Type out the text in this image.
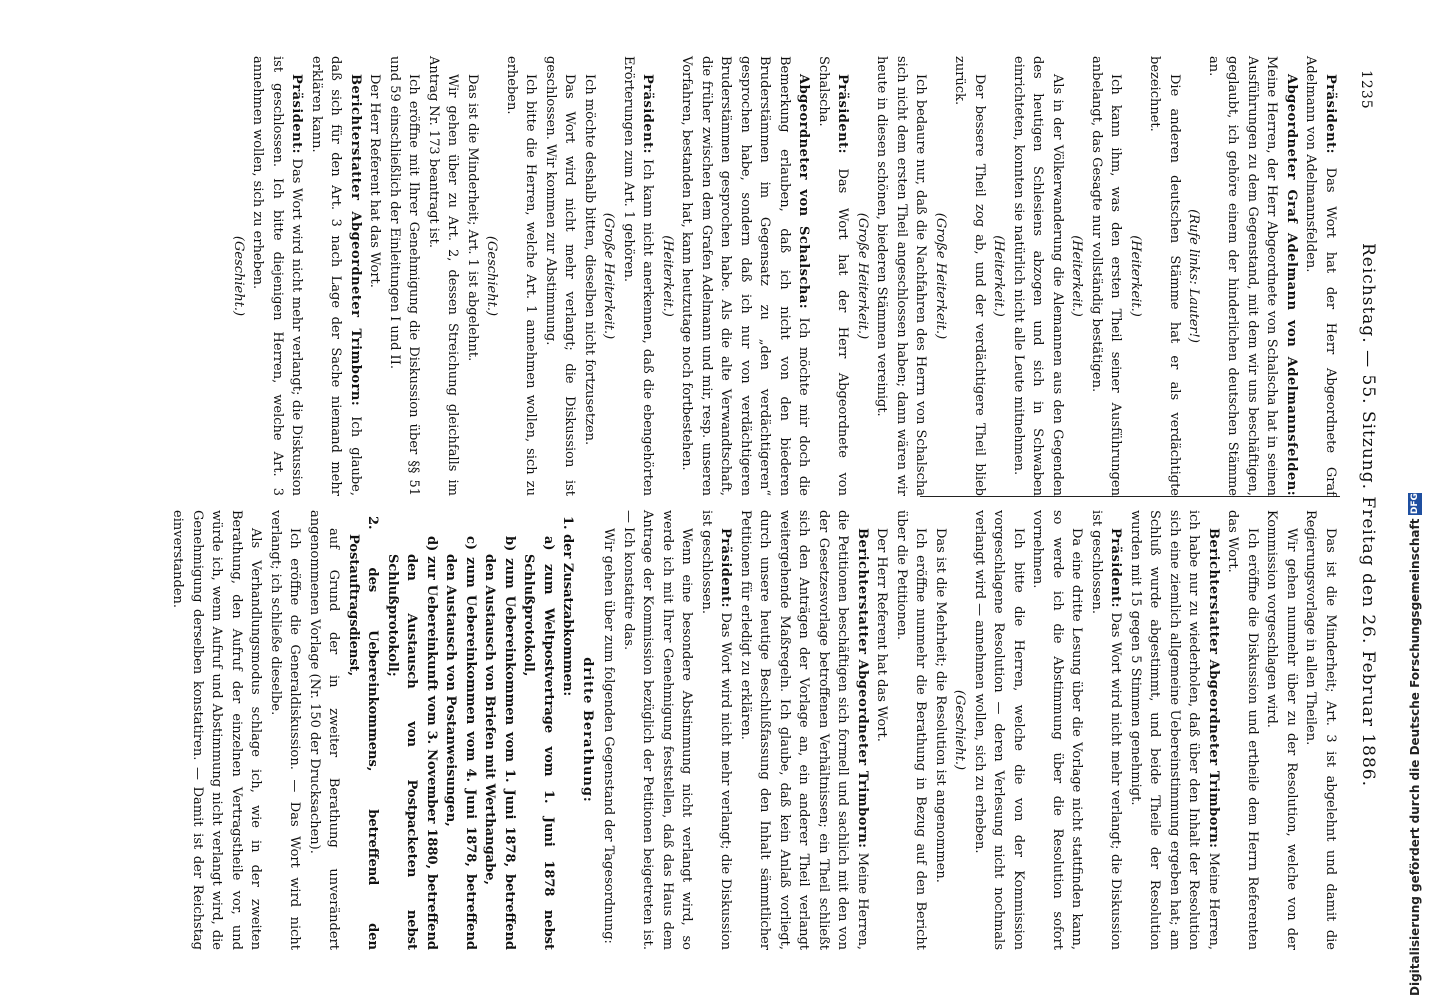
1235
Reichstag. — 55. Sitzung. Freitag den 26. Februar 1886.

Das ist die Minderheit; Art. 3 ist abgelehnt und damit die Regierungsvorlage in allen Theilen.

Wir gehen nunmehr über zu der Resolution, welche von der Kommission vorgeschlagen wird.

Ich eröffne die Diskussion und ertheile dem Herrn Referenten das Wort.

Berichterstatter Abgeordneter Trimborn: Meine Herren, ich habe nur zu wiederholen, daß über den Inhalt der Resolution sich eine ziemlich allgemeine Uebereinstimmung ergeben hat; am Schluß wurde abgestimmt, und beide Theile der Resolution wurden mit 15 gegen 5 Stimmen genehmigt.

Präsident: Das Wort wird nicht mehr verlangt; die Diskussion ist geschlossen.

Da eine dritte Lesung über die Vorlage nicht stattfinden kann, so werde ich die Abstimmung über die Resolution sofort vornehmen.

Ich bitte die Herren, welche die von der Kommission vorgeschlagene Resolution — deren Verlesung nicht nochmals verlangt wird — annehmen wollen, sich zu erheben.

(Geschieht.)

Das ist die Mehrheit; die Resolution ist angenommen.

Ich eröffne nunmehr die Berathung in Bezug auf den Bericht über die Petitionen.

Der Herr Referent hat das Wort.

Berichterstatter Abgeordneter Trimborn: Meine Herren, die Petitionen beschäftigen sich formell und sachlich mit den von der Gesetzesvorlage betroffenen Verhältnissen; ein Theil schließt sich den Anträgen der Vorlage an, ein anderer Theil verlangt weitergehende Maßregeln. Ich glaube, daß kein Anlaß vorliegt, durch unsere heutige Beschlußfassung den Inhalt sämmtlicher Petitionen für erledigt zu erklären.

Präsident: Das Wort wird nicht mehr verlangt; die Diskussion ist geschlossen.

Wenn eine besondere Abstimmung nicht verlangt wird, so werde ich mit Ihrer Genehmigung feststellen, daß das Haus dem Antrage der Kommission bezüglich der Petitionen beigetreten ist. — Ich konstatire das.

Wir gehen über zum folgenden Gegenstand der Tagesordnung:

dritte Berathung:

1. der Zusatzabkommen:

a) zum Weltpostvertrage vom 1. Juni 1878 nebst Schlußprotokoll,

b) zum Uebereinkommen vom 1. Juni 1878, betreffend den Austausch von Briefen mit Werthangabe,

c) zum Uebereinkommen vom 4. Juni 1878, betreffend den Austausch von Postanweisungen,

d) zur Uebereinkunft vom 3. November 1880, betreffend den Austausch von Postpacketen nebst Schlußprotokoll;

2. des Uebereinkommens, betreffend den Postauftragsdienst,

auf Grund der in zweiter Berathung unverändert angenommenen Vorlage (Nr. 150 der Drucksachen).

Ich eröffne die Generaldiskussion. — Das Wort wird nicht verlangt; ich schließe dieselbe.

Als Verhandlungsmodus schlage ich, wie in der zweiten Berathung, den Aufruf der einzelnen Vertragstheile vor, und würde ich, wenn Aufruf und Abstimmung nicht verlangt wird, die Genehmigung derselben konstatiren. — Damit ist der Reichstag einverstanden.

Präsident: Das Wort hat der Herr Abgeordnete Graf Adelmann von Adelmannsfelden.

Abgeordneter Graf Adelmann von Adelmannsfelden: Meine Herren, der Herr Abgeordnete von Schalscha hat in seinen Ausführungen zu dem Gegenstand, mit dem wir uns beschäftigen, geglaubt, ich gehöre einem der hinderlichen deutschen Stämme an.

(Rufe links: Lauter!)

Die anderen deutschen Stämme hat er als verdächtigte bezeichnet.

(Heiterkeit.)

Ich kann ihm, was den ersten Theil seiner Ausführungen anbelangt, das Gesagte nur vollständig bestätigen.

(Heiterkeit.)

Als in der Völkerwanderung die Alemannen aus den Gegenden des heutigen Schlesiens abzogen und sich in Schwaben einrichteten, konnten sie natürlich nicht alle Leute mitnehmen.

(Heiterkeit.)

Der bessere Theil zog ab, und der verdächtigere Theil blieb zurück.

(Große Heiterkeit.)

Ich bedaure nur, daß die Nachfahren des Herrn von Schalscha sich nicht dem ersten Theil angeschlossen haben; dann wären wir heute in diesen schönen, biederen Stämmen vereinigt.

(Große Heiterkeit.)

Präsident: Das Wort hat der Herr Abgeordnete von Schalscha.

Abgeordneter von Schalscha: Ich möchte mir doch die Bemerkung erlauben, daß ich nicht von den biederen Bruderstämmen im Gegensatz zu „den verdächtigeren“ gesprochen habe, sondern daß ich nur von verdächtigeren Bruderstämmen gesprochen habe. Als die alte Verwandtschaft, die früher zwischen dem Grafen Adelmann und mir, resp. unseren Vorfahren, bestanden hat, kann heutzutage noch fortbestehen.

(Heiterkeit.)

Präsident: Ich kann nicht anerkennen, daß die ebengehörten Erörterungen zum Art. 1 gehören.

(Große Heiterkeit.)

Ich möchte deshalb bitten, dieselben nicht fortzusetzen.

Das Wort wird nicht mehr verlangt; die Diskussion ist geschlossen. Wir kommen zur Abstimmung.

Ich bitte die Herren, welche Art. 1 annehmen wollen, sich zu erheben.

(Geschieht.)

Das ist die Minderheit; Art. 1 ist abgelehnt.

Wir gehen über zu Art. 2, dessen Streichung gleichfalls im Antrag Nr. 173 beantragt ist.

Ich eröffne mit Ihrer Genehmigung die Diskussion über §§ 51 und 59 einschließlich der Einleitungen I und II.

Der Herr Referent hat das Wort.

Berichterstatter Abgeordneter Trimborn: Ich glaube, daß sich für den Art. 3 nach Lage der Sache niemand mehr erklären kann.

Präsident: Das Wort wird nicht mehr verlangt; die Diskussion ist geschlossen. Ich bitte diejenigen Herren, welche Art. 3 annehmen wollen, sich zu erheben.

(Geschieht.)

Digitalisierung gefördert durch die Deutsche Forschungsgemeinschaft
DFG
